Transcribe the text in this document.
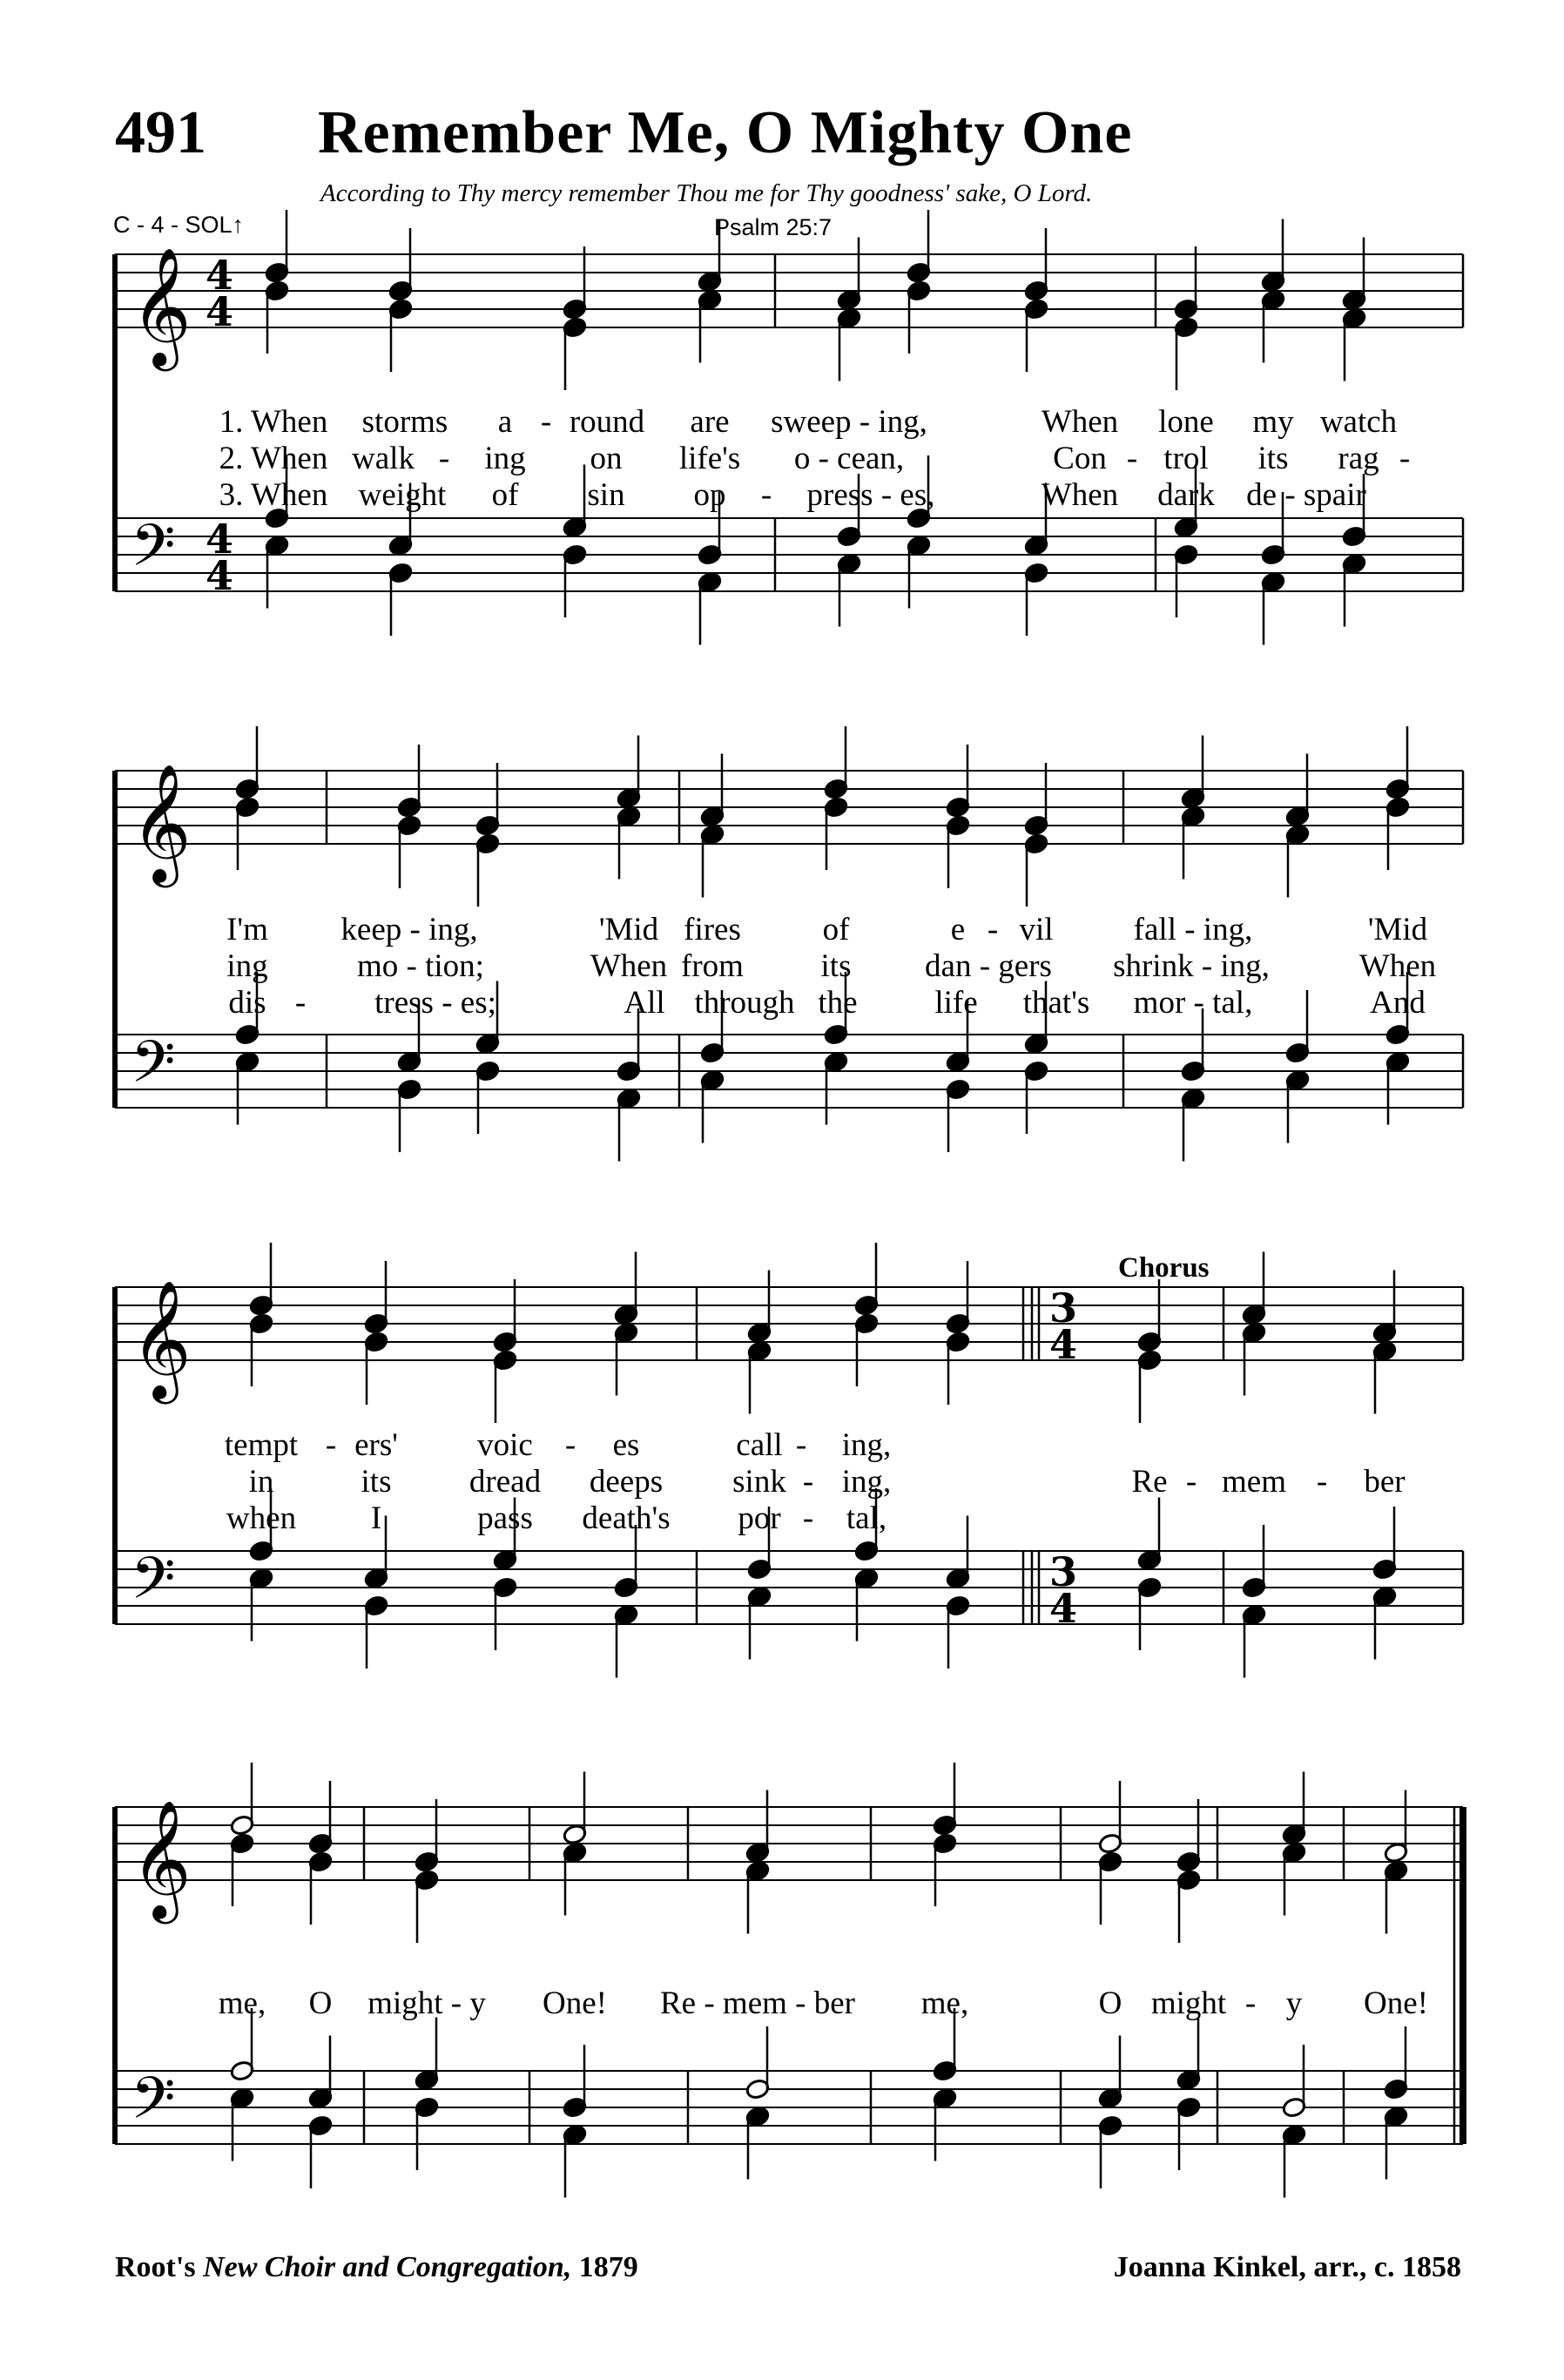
491 Remember Me, O Mighty One
According to Thy mercy remember Thou me for Thy goodness' sake, O Lord.
C - 4 - SOL↑	Psalm 25:7
𝄞
𝄢
4
4
4
4
𝄞
𝄢
𝄞
𝄢
3
4
3
4
𝄞
𝄢
Chorus
1. When storms a - round are sweep - ing,	When lone my watch
2. When walk - ing on life's o - cean,	Con - trol its rag -
3. When weight of sin op - press - es,	When dark de - spair
I'm keep - ing,	'Mid fires	of	e - vil fall - ing,	'Mid
ing	mo - tion;	When from its dan - gers shrink - ing,	When
dis - tress - es;	All through the life that's mor - tal,	And
tempt - ers' voic - es	call - ing,
in	its dread deeps sink - ing,	Re - mem - ber
when I	pass death's por - tal,
me, O might - y One! Re - mem - ber me,	O might - y One!
Root's New Choir and Congregation, 1879	Joanna Kinkel, arr., c. 1858
